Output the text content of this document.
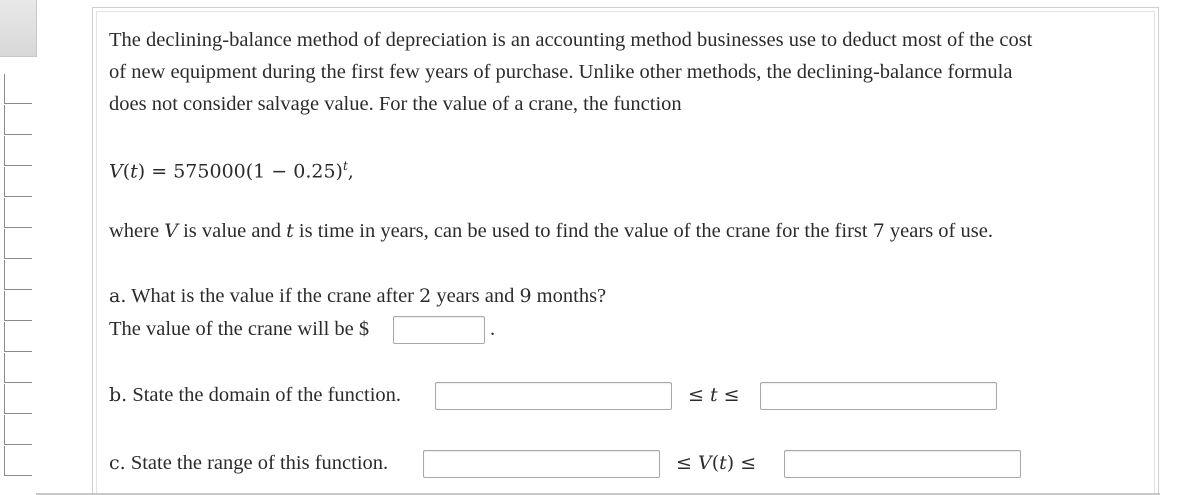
The declining-balance method of depreciation is an accounting method businesses use to deduct most of the cost
of new equipment during the first few years of purchase. Unlike other methods, the declining-balance formula
does not consider salvage value. For the value of a crane, the function
$V(t) = 575000(1 - 0.25)^t$,
where V is value and t is time in years, can be used to find the value of the crane for the first 7 years of use.
a. What is the value if the crane after 2 years and 9 months?
The value of the crane will be $	.
b. State the domain of the function.	≤ t ≤
c. State the range of this function.	≤ V(t) ≤
